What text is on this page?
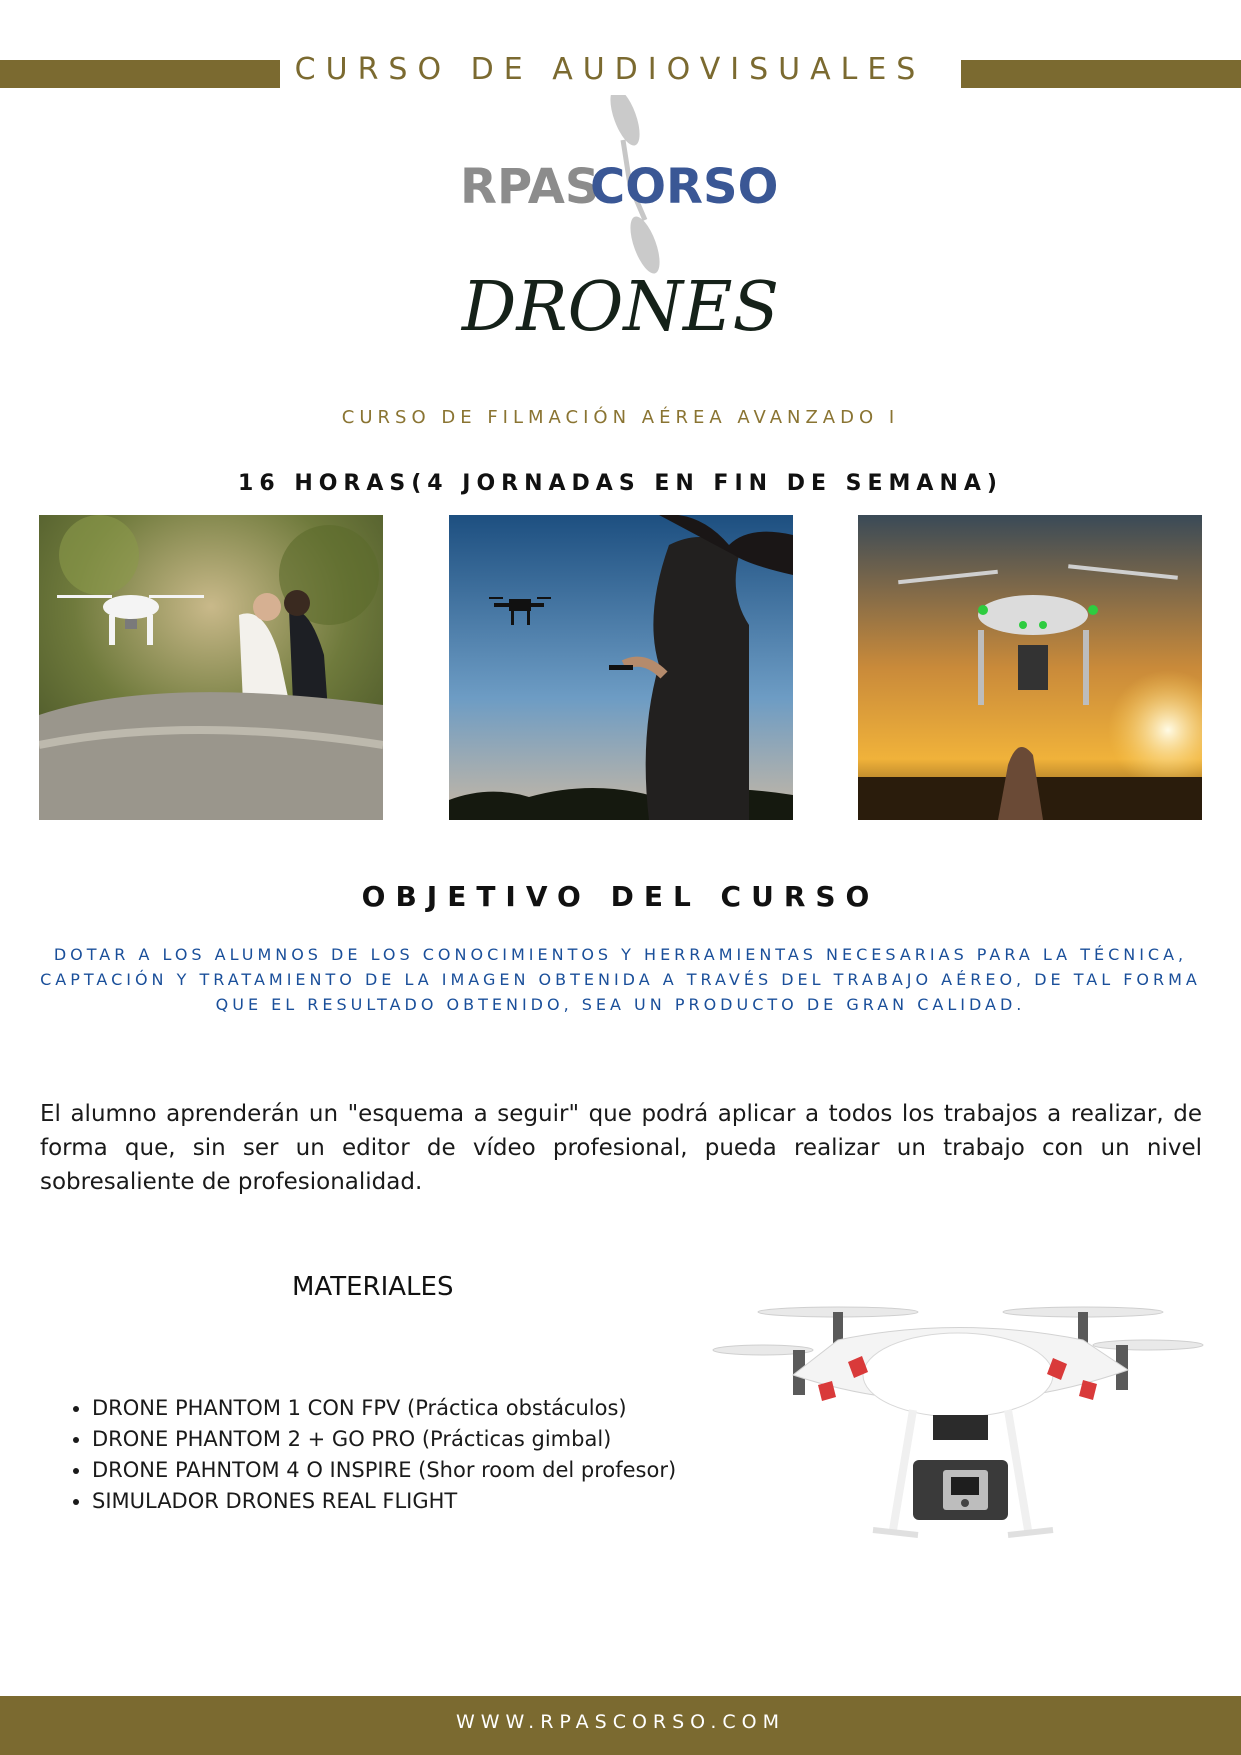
CURSO DE AUDIOVISUALES
RPAS
CORSO
DRONES
CURSO DE FILMACIÓN AÉREA AVANZADO I
16 HORAS(4 JORNADAS EN FIN DE SEMANA)
OBJETIVO DEL CURSO
DOTAR A LOS ALUMNOS DE LOS CONOCIMIENTOS Y HERRAMIENTAS NECESARIAS PARA LA TÉCNICA, CAPTACIÓN Y TRATAMIENTO DE LA IMAGEN OBTENIDA A TRAVÉS DEL TRABAJO AÉREO, DE TAL FORMA QUE EL RESULTADO OBTENIDO, SEA UN PRODUCTO DE GRAN CALIDAD.
El alumno aprenderán un "esquema a seguir" que podrá aplicar a todos los trabajos a realizar, de forma que, sin ser un editor de vídeo profesional, pueda realizar un trabajo con un nivel sobresaliente de profesionalidad.
MATERIALES
• DRONE PHANTOM 1 CON FPV (Práctica obstáculos)
• DRONE PHANTOM 2 + GO PRO (Prácticas gimbal)
• DRONE PAHNTOM 4 O INSPIRE (Shor room del profesor)
• SIMULADOR DRONES REAL FLIGHT
WWW.RPASCORSO.COM
